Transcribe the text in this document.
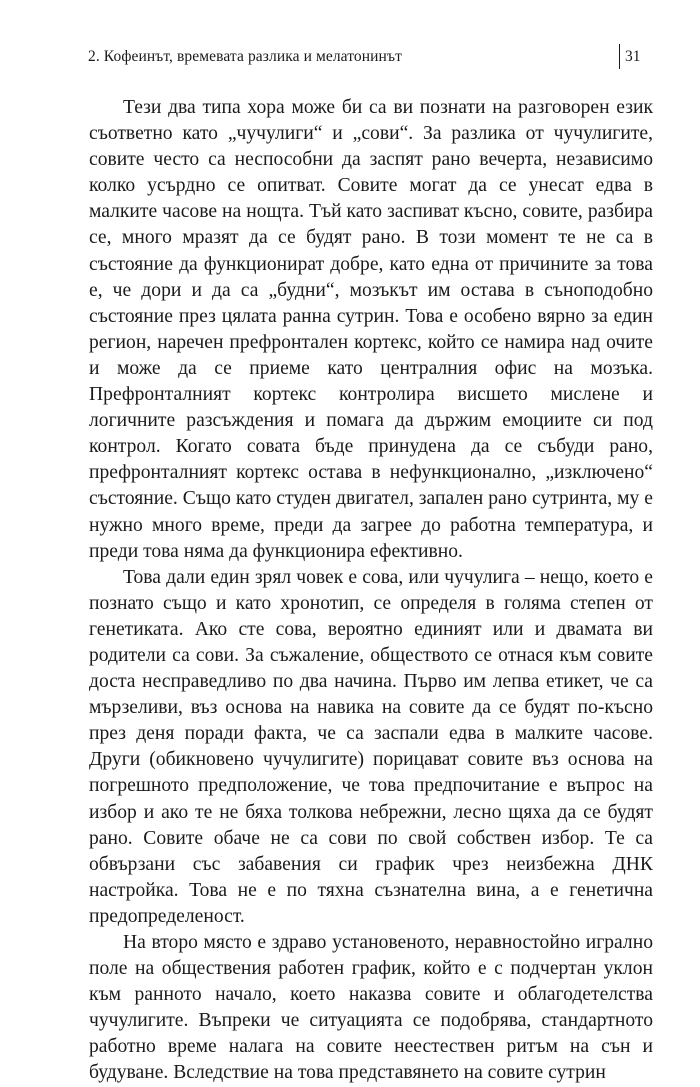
2. Кофеинът, времевата разлика и мелатонинът	31

Тези два типа хора може би са ви познати на разговорен език съответно като „чучулиги“ и „сови“. За разлика от чучулигите, совите често са неспособни да заспят рано вечерта, независимо колко усърдно се опитват. Совите могат да се унесат едва в малките часове на нощта. Тъй като заспиват късно, совите, разбира се, много мразят да се будят рано. В този момент те не са в състояние да функционират добре, като една от причините за това е, че дори и да са „будни“, мозъкът им остава в сънoподобно състояние през цялата ранна сутрин. Това е особено вярно за един регион, наречен префронтален кортекс, който се намира над очите и може да се приеме като централния офис на мозъка. Префронталният кортекс контролира висшето мислене и логичните разсъждения и помага да държим емоциите си под контрол. Когато совата бъде принудена да се събуди рано, префронталният кортекс остава в нефункционално, „изключено“ състояние. Също като студен двигател, запален рано сутринта, му е нужно много време, преди да загрее до работна температура, и преди това няма да функционира ефективно.

Това дали един зрял човек е сова, или чучулига – нещо, което е познато също и като хронотип, се определя в голяма степен от генетиката. Ако сте сова, вероятно единият или и двамата ви родители са сови. За съжаление, обществото се отнася към совите доста несправедливо по два начина. Първо им лепва етикет, че са мързеливи, въз основа на навика на совите да се будят по-късно през деня поради факта, че са заспали едва в малките часове. Други (обикновено чучулигите) порицават совите въз основа на погрешното предположение, че това предпочитание е въпрос на избор и ако те не бяха толкова небрежни, лесно щяха да се будят рано. Совите обаче не са сови по свой собствен избор. Те са обвързани със забавения си график чрез неизбежна ДНК настройка. Това не е по тяхна съзнателна вина, а е генетична предопределеност.

На второ място е здраво установеното, неравностойно игрално поле на обществения работен график, който е с подчертан уклон към ранното начало, което наказва совите и облагодетелства чучулигите. Въпреки че ситуацията се подобрява, стандартното работно време налага на совите неестествен ритъм на сън и будуване. Вследствие на това представянето на совите сутрин
